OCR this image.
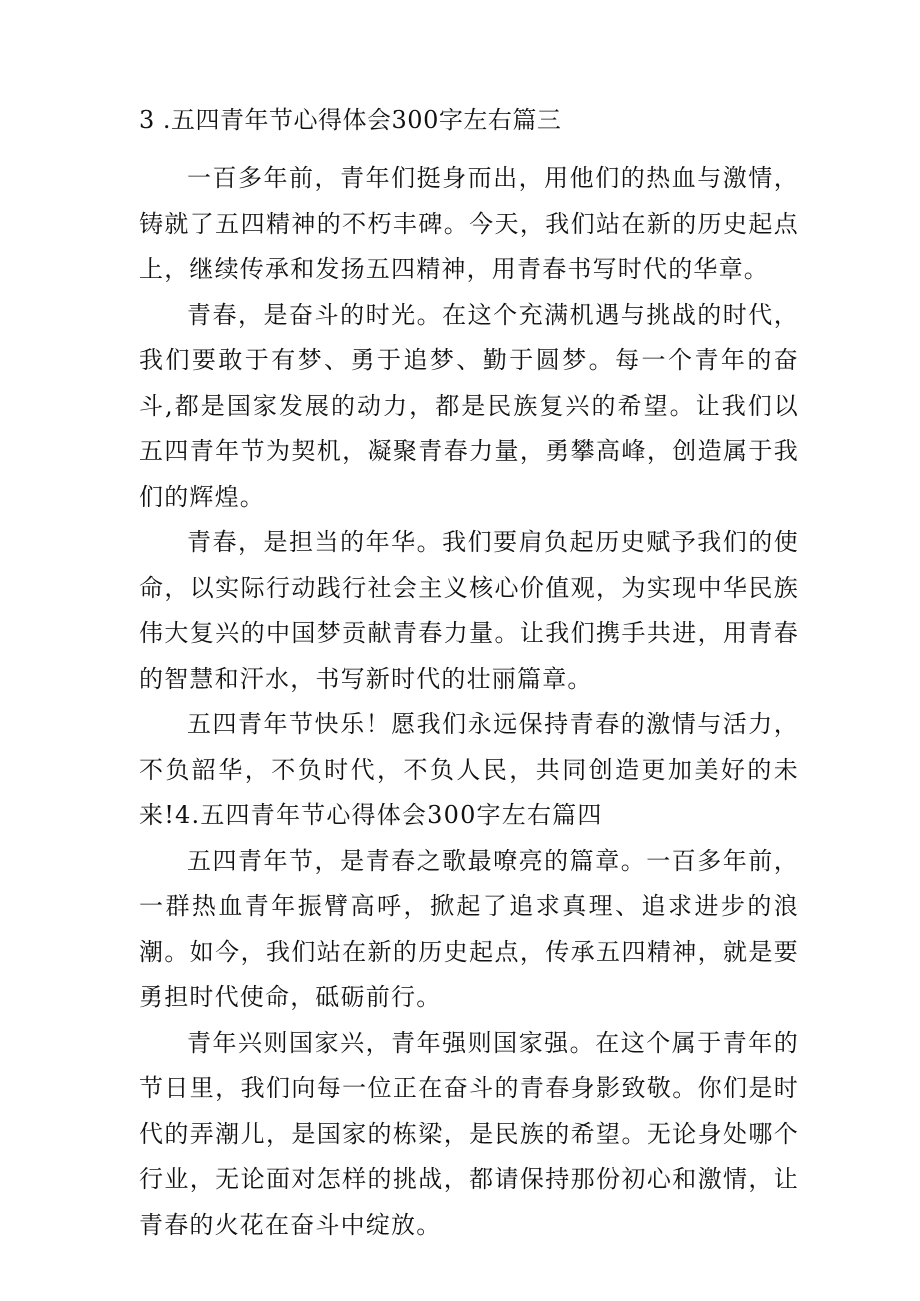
3 .五四青年节心得体会300字左右篇三

一百多年前，青年们挺身而出，用他们的热血与激情，铸就了五四精神的不朽丰碑。今天，我们站在新的历史起点上，继续传承和发扬五四精神，用青春书写时代的华章。

青春，是奋斗的时光。在这个充满机遇与挑战的时代，我们要敢于有梦、勇于追梦、勤于圆梦。每一个青年的奋斗,都是国家发展的动力，都是民族复兴的希望。让我们以五四青年节为契机，凝聚青春力量，勇攀高峰，创造属于我们的辉煌。

青春，是担当的年华。我们要肩负起历史赋予我们的使命，以实际行动践行社会主义核心价值观，为实现中华民族伟大复兴的中国梦贡献青春力量。让我们携手共进，用青春的智慧和汗水，书写新时代的壮丽篇章。

五四青年节快乐！愿我们永远保持青春的激情与活力，不负韶华，不负时代，不负人民，共同创造更加美好的未来!4.五四青年节心得体会300字左右篇四

五四青年节，是青春之歌最嘹亮的篇章。一百多年前，一群热血青年振臂高呼，掀起了追求真理、追求进步的浪潮。如今，我们站在新的历史起点，传承五四精神，就是要勇担时代使命，砥砺前行。

青年兴则国家兴，青年强则国家强。在这个属于青年的节日里，我们向每一位正在奋斗的青春身影致敬。你们是时代的弄潮儿，是国家的栋梁，是民族的希望。无论身处哪个行业，无论面对怎样的挑战，都请保持那份初心和激情，让青春的火花在奋斗中绽放。
